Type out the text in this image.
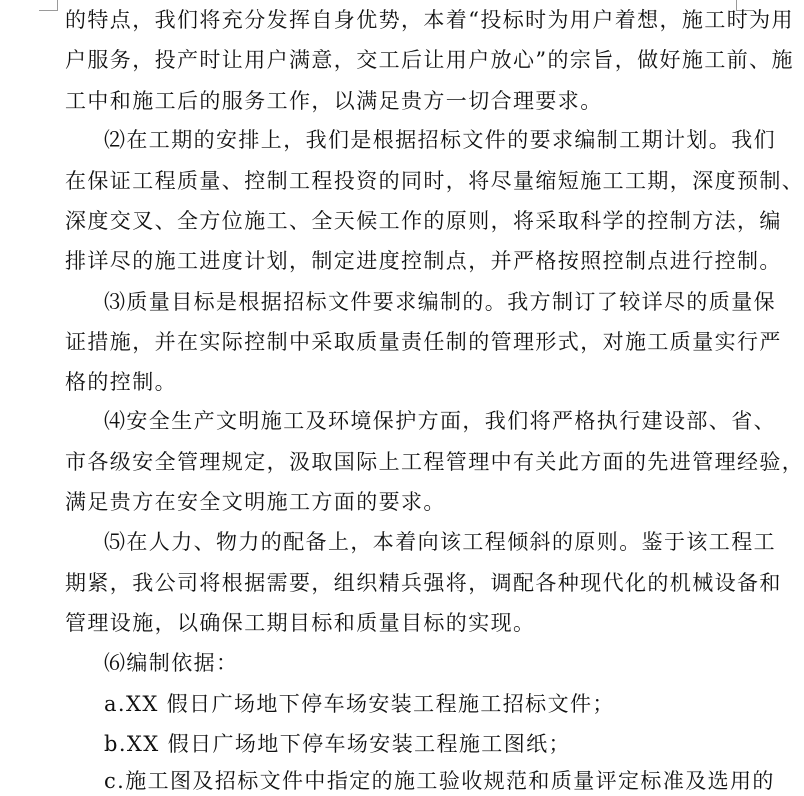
的特点，我们将充分发挥自身优势，本着“投标时为用户着想，施工时为用
户服务，投产时让用户满意，交工后让用户放心”的宗旨，做好施工前、施
工中和施工后的服务工作，以满足贵方一切合理要求。
⑵在工期的安排上，我们是根据招标文件的要求编制工期计划。我们
在保证工程质量、控制工程投资的同时，将尽量缩短施工工期，深度预制、
深度交叉、全方位施工、全天候工作的原则，将采取科学的控制方法，编
排详尽的施工进度计划，制定进度控制点，并严格按照控制点进行控制。
⑶质量目标是根据招标文件要求编制的。我方制订了较详尽的质量保
证措施，并在实际控制中采取质量责任制的管理形式，对施工质量实行严
格的控制。
⑷安全生产文明施工及环境保护方面，我们将严格执行建设部、省、
市各级安全管理规定，汲取国际上工程管理中有关此方面的先进管理经验，
满足贵方在安全文明施工方面的要求。
⑸在人力、物力的配备上，本着向该工程倾斜的原则。鉴于该工程工
期紧，我公司将根据需要，组织精兵强将，调配各种现代化的机械设备和
管理设施，以确保工期目标和质量目标的实现。
⑹编制依据：
a.XX 假日广场地下停车场安装工程施工招标文件；
b.XX 假日广场地下停车场安装工程施工图纸；
c.施工图及招标文件中指定的施工验收规范和质量评定标准及选用的
